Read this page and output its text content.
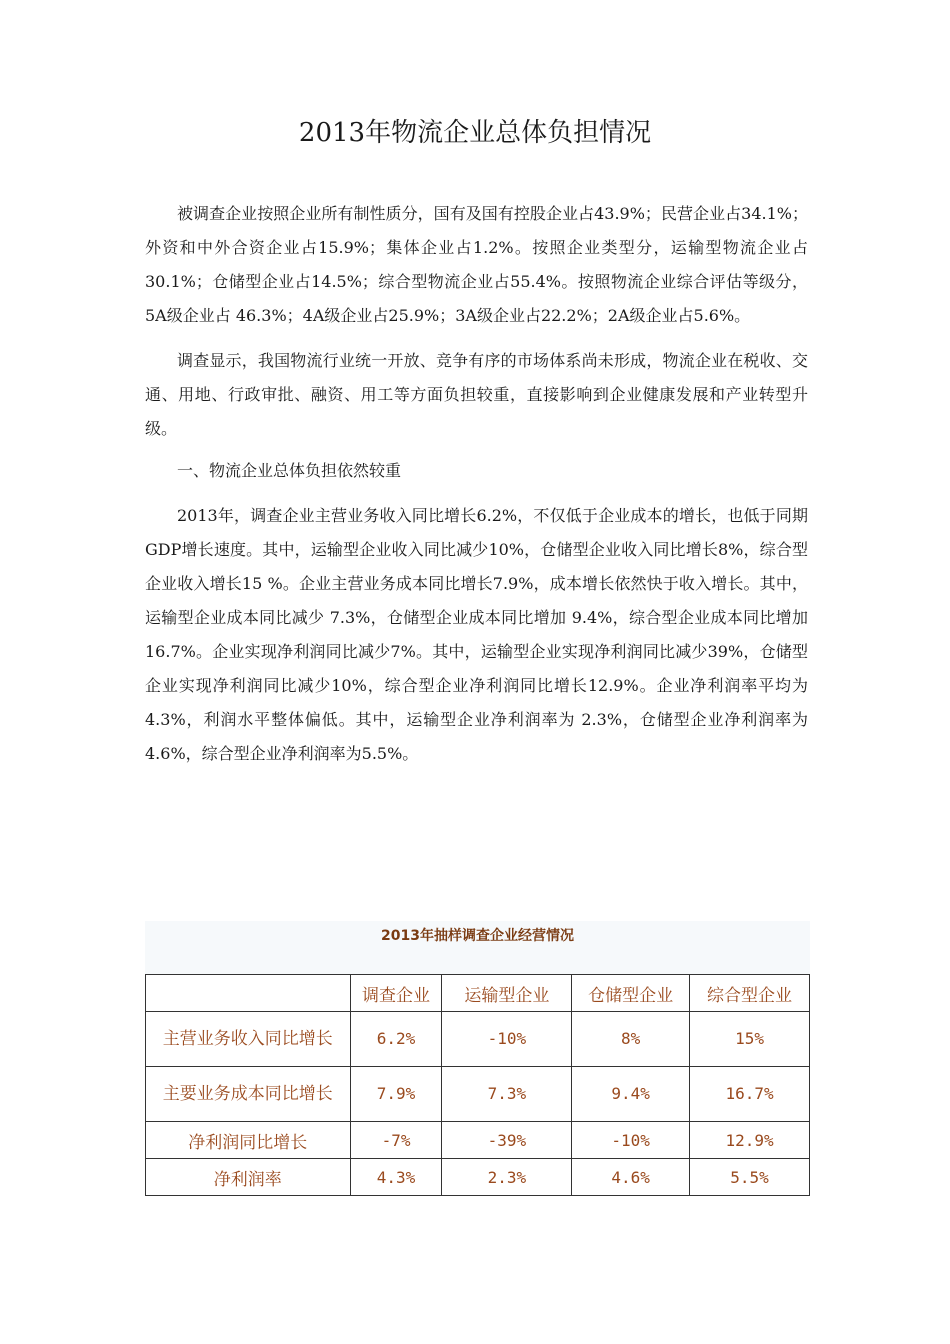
2013年物流企业总体负担情况

被调查企业按照企业所有制性质分，国有及国有控股企业占43.9%；民营企业占34.1%；外资和中外合资企业占15.9%；集体企业占1.2%。按照企业类型分，运输型物流企业占30.1%；仓储型企业占14.5%；综合型物流企业占55.4%。按照物流企业综合评估等级分，5A级企业占 46.3%；4A级企业占25.9%；3A级企业占22.2%；2A级企业占5.6%。

调查显示，我国物流行业统一开放、竞争有序的市场体系尚未形成，物流企业在税收、交通、用地、行政审批、融资、用工等方面负担较重，直接影响到企业健康发展和产业转型升级。

一、物流企业总体负担依然较重

2013年，调查企业主营业务收入同比增长6.2%，不仅低于企业成本的增长，也低于同期GDP增长速度。其中，运输型企业收入同比减少10%，仓储型企业收入同比增长8%，综合型企业收入增长15 %。企业主营业务成本同比增长7.9%，成本增长依然快于收入增长。其中，运输型企业成本同比减少 7.3%，仓储型企业成本同比增加 9.4%，综合型企业成本同比增加 16.7%。企业实现净利润同比减少7%。其中，运输型企业实现净利润同比减少39%，仓储型企业实现净利润同比减少10%，综合型企业净利润同比增长12.9%。企业净利润率平均为4.3%，利润水平整体偏低。其中，运输型企业净利润率为 2.3%，仓储型企业净利润率为4.6%，综合型企业净利润率为5.5%。

2013年抽样调查企业经营情况
	调查企业	运输型企业	仓储型企业	综合型企业
主营业务收入同比增长	6.2%	-10%	8%	15%
主要业务成本同比增长	7.9%	7.3%	9.4%	16.7%
净利润同比增长	-7%	-39%	-10%	12.9%
净利润率	4.3%	2.3%	4.6%	5.5%
